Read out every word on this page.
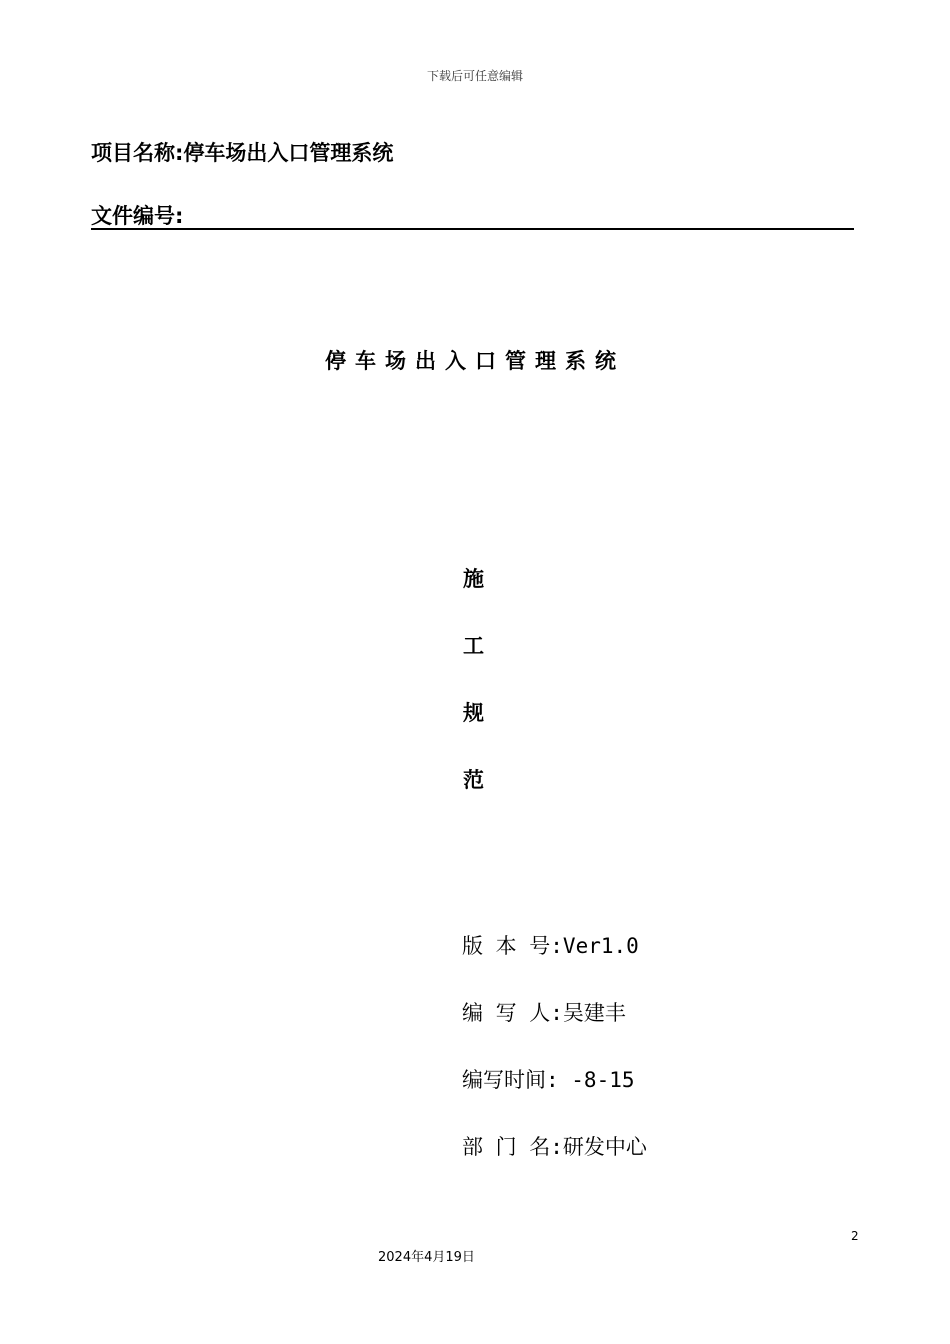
下载后可任意编辑
项目名称:停车场出入口管理系统
文件编号:
停车场出入口管理系统
施
工
规
范
版 本 号:Ver1.0
编 写 人:吴建丰
编写时间: -8-15
部 门 名:研发中心
2
2024年4月19日
